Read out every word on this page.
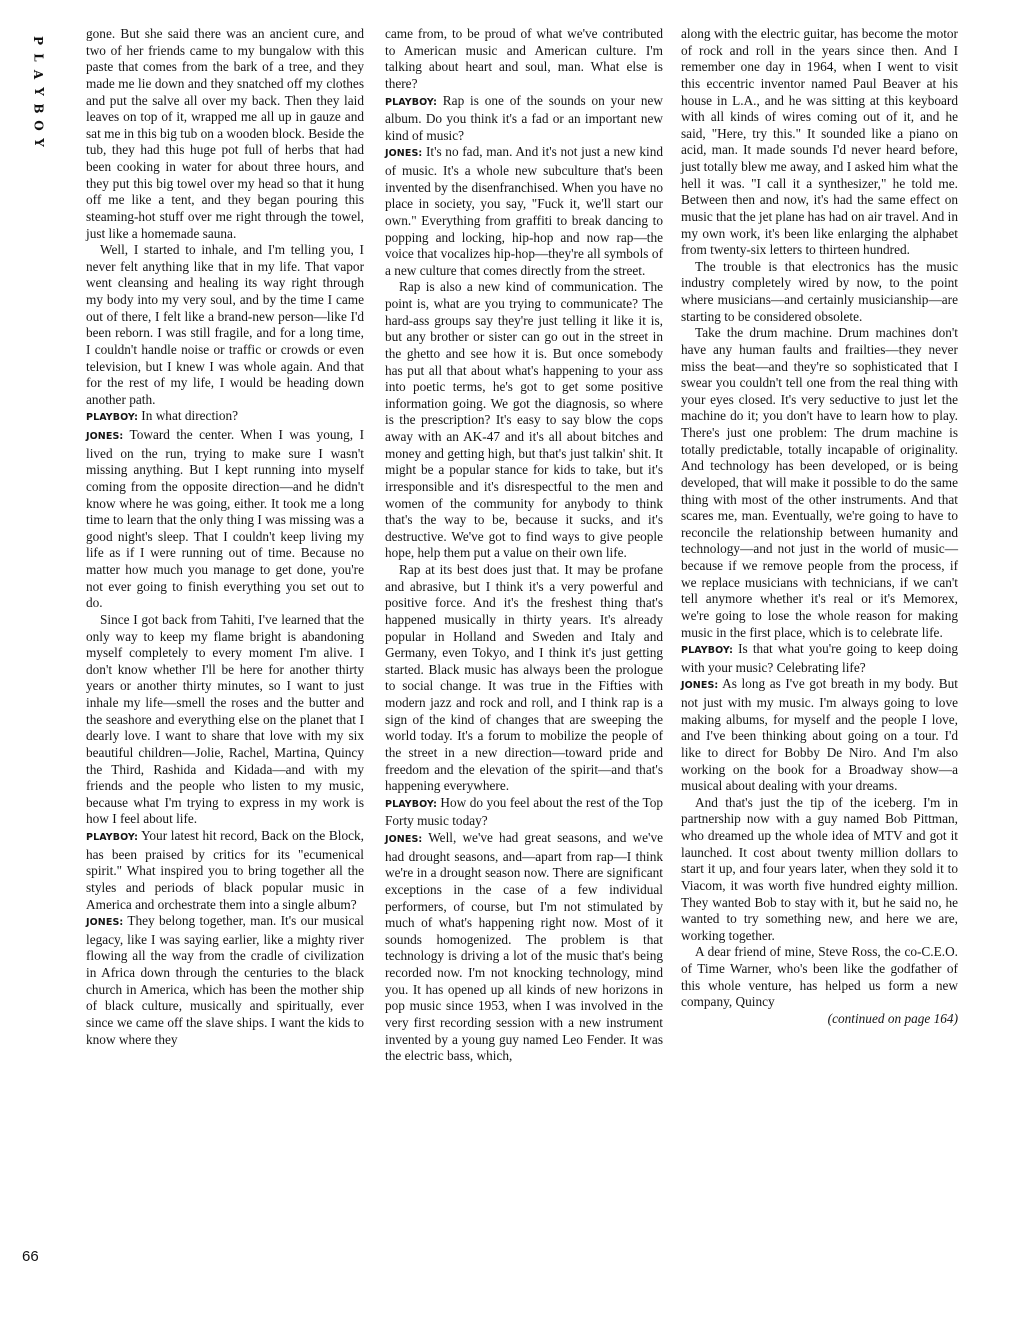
P
L
A
Y
B
O
Y
66

gone. But she said there was an ancient cure, and two of her friends came to my bungalow with this paste that comes from the bark of a tree, and they made me lie down and they snatched off my clothes and put the salve all over my back. Then they laid leaves on top of it, wrapped me all up in gauze and sat me in this big tub on a wooden block. Beside the tub, they had this huge pot full of herbs that had been cooking in water for about three hours, and they put this big towel over my head so that it hung off me like a tent, and they began pouring this steaming-hot stuff over me right through the towel, just like a homemade sauna.

Well, I started to inhale, and I'm telling you, I never felt anything like that in my life. That vapor went cleansing and healing its way right through my body into my very soul, and by the time I came out of there, I felt like a brand-new person—like I'd been reborn. I was still fragile, and for a long time, I couldn't handle noise or traffic or crowds or even television, but I knew I was whole again. And that for the rest of my life, I would be heading down another path.

PLAYBOY: In what direction?

JONES: Toward the center. When I was young, I lived on the run, trying to make sure I wasn't missing anything. But I kept running into myself coming from the opposite direction—and he didn't know where he was going, either. It took me a long time to learn that the only thing I was missing was a good night's sleep. That I couldn't keep living my life as if I were running out of time. Because no matter how much you manage to get done, you're not ever going to finish everything you set out to do.

Since I got back from Tahiti, I've learned that the only way to keep my flame bright is abandoning myself completely to every moment I'm alive. I don't know whether I'll be here for another thirty years or another thirty minutes, so I want to just inhale my life—smell the roses and the butter and the seashore and everything else on the planet that I dearly love. I want to share that love with my six beautiful children—Jolie, Rachel, Martina, Quincy the Third, Rashida and Kidada—and with my friends and the people who listen to my music, because what I'm trying to express in my work is how I feel about life.

PLAYBOY: Your latest hit record, Back on the Block, has been praised by critics for its "ecumenical spirit." What inspired you to bring together all the styles and periods of black popular music in America and orchestrate them into a single album?

JONES: They belong together, man. It's our musical legacy, like I was saying earlier, like a mighty river flowing all the way from the cradle of civilization in Africa down through the centuries to the black church in America, which has been the mother ship of black culture, musically and spiritually, ever since we came off the slave ships. I want the kids to know where they

came from, to be proud of what we've contributed to American music and American culture. I'm talking about heart and soul, man. What else is there?

PLAYBOY: Rap is one of the sounds on your new album. Do you think it's a fad or an important new kind of music?

JONES: It's no fad, man. And it's not just a new kind of music. It's a whole new subculture that's been invented by the disenfranchised. When you have no place in society, you say, "Fuck it, we'll start our own." Everything from graffiti to break dancing to popping and locking, hip-hop and now rap—the voice that vocalizes hip-hop—they're all symbols of a new culture that comes directly from the street.

Rap is also a new kind of communication. The point is, what are you trying to communicate? The hard-ass groups say they're just telling it like it is, but any brother or sister can go out in the street in the ghetto and see how it is. But once somebody has put all that about what's happening to your ass into poetic terms, he's got to get some positive information going. We got the diagnosis, so where is the prescription? It's easy to say blow the cops away with an AK-47 and it's all about bitches and money and getting high, but that's just talkin' shit. It might be a popular stance for kids to take, but it's irresponsible and it's disrespectful to the men and women of the community for anybody to think that's the way to be, because it sucks, and it's destructive. We've got to find ways to give people hope, help them put a value on their own life.

Rap at its best does just that. It may be profane and abrasive, but I think it's a very powerful and positive force. And it's the freshest thing that's happened musically in thirty years. It's already popular in Holland and Sweden and Italy and Germany, even Tokyo, and I think it's just getting started. Black music has always been the prologue to social change. It was true in the Fifties with modern jazz and rock and roll, and I think rap is a sign of the kind of changes that are sweeping the world today. It's a forum to mobilize the people of the street in a new direction—toward pride and freedom and the elevation of the spirit—and that's happening everywhere.

PLAYBOY: How do you feel about the rest of the Top Forty music today?

JONES: Well, we've had great seasons, and we've had drought seasons, and—apart from rap—I think we're in a drought season now. There are significant exceptions in the case of a few individual performers, of course, but I'm not stimulated by much of what's happening right now. Most of it sounds homogenized. The problem is that technology is driving a lot of the music that's being recorded now. I'm not knocking technology, mind you. It has opened up all kinds of new horizons in pop music since 1953, when I was involved in the very first recording session with a new instrument invented by a young guy named Leo Fender. It was the electric bass, which,

along with the electric guitar, has become the motor of rock and roll in the years since then. And I remember one day in 1964, when I went to visit this eccentric inventor named Paul Beaver at his house in L.A., and he was sitting at this keyboard with all kinds of wires coming out of it, and he said, "Here, try this." It sounded like a piano on acid, man. It made sounds I'd never heard before, just totally blew me away, and I asked him what the hell it was. "I call it a synthesizer," he told me. Between then and now, it's had the same effect on music that the jet plane has had on air travel. And in my own work, it's been like enlarging the alphabet from twenty-six letters to thirteen hundred.

The trouble is that electronics has the music industry completely wired by now, to the point where musicians—and certainly musicianship—are starting to be considered obsolete.

Take the drum machine. Drum machines don't have any human faults and frailties—they never miss the beat—and they're so sophisticated that I swear you couldn't tell one from the real thing with your eyes closed. It's very seductive to just let the machine do it; you don't have to learn how to play. There's just one problem: The drum machine is totally predictable, totally incapable of originality. And technology has been developed, or is being developed, that will make it possible to do the same thing with most of the other instruments. And that scares me, man. Eventually, we're going to have to reconcile the relationship between humanity and technology—and not just in the world of music—because if we remove people from the process, if we replace musicians with technicians, if we can't tell anymore whether it's real or it's Memorex, we're going to lose the whole reason for making music in the first place, which is to celebrate life.

PLAYBOY: Is that what you're going to keep doing with your music? Celebrating life?

JONES: As long as I've got breath in my body. But not just with my music. I'm always going to love making albums, for myself and the people I love, and I've been thinking about going on a tour. I'd like to direct for Bobby De Niro. And I'm also working on the book for a Broadway show—a musical about dealing with your dreams.

And that's just the tip of the iceberg. I'm in partnership now with a guy named Bob Pittman, who dreamed up the whole idea of MTV and got it launched. It cost about twenty million dollars to start it up, and four years later, when they sold it to Viacom, it was worth five hundred eighty million. They wanted Bob to stay with it, but he said no, he wanted to try something new, and here we are, working together.

A dear friend of mine, Steve Ross, the co-C.E.O. of Time Warner, who's been like the godfather of this whole venture, has helped us form a new company, Quincy

(continued on page 164)
